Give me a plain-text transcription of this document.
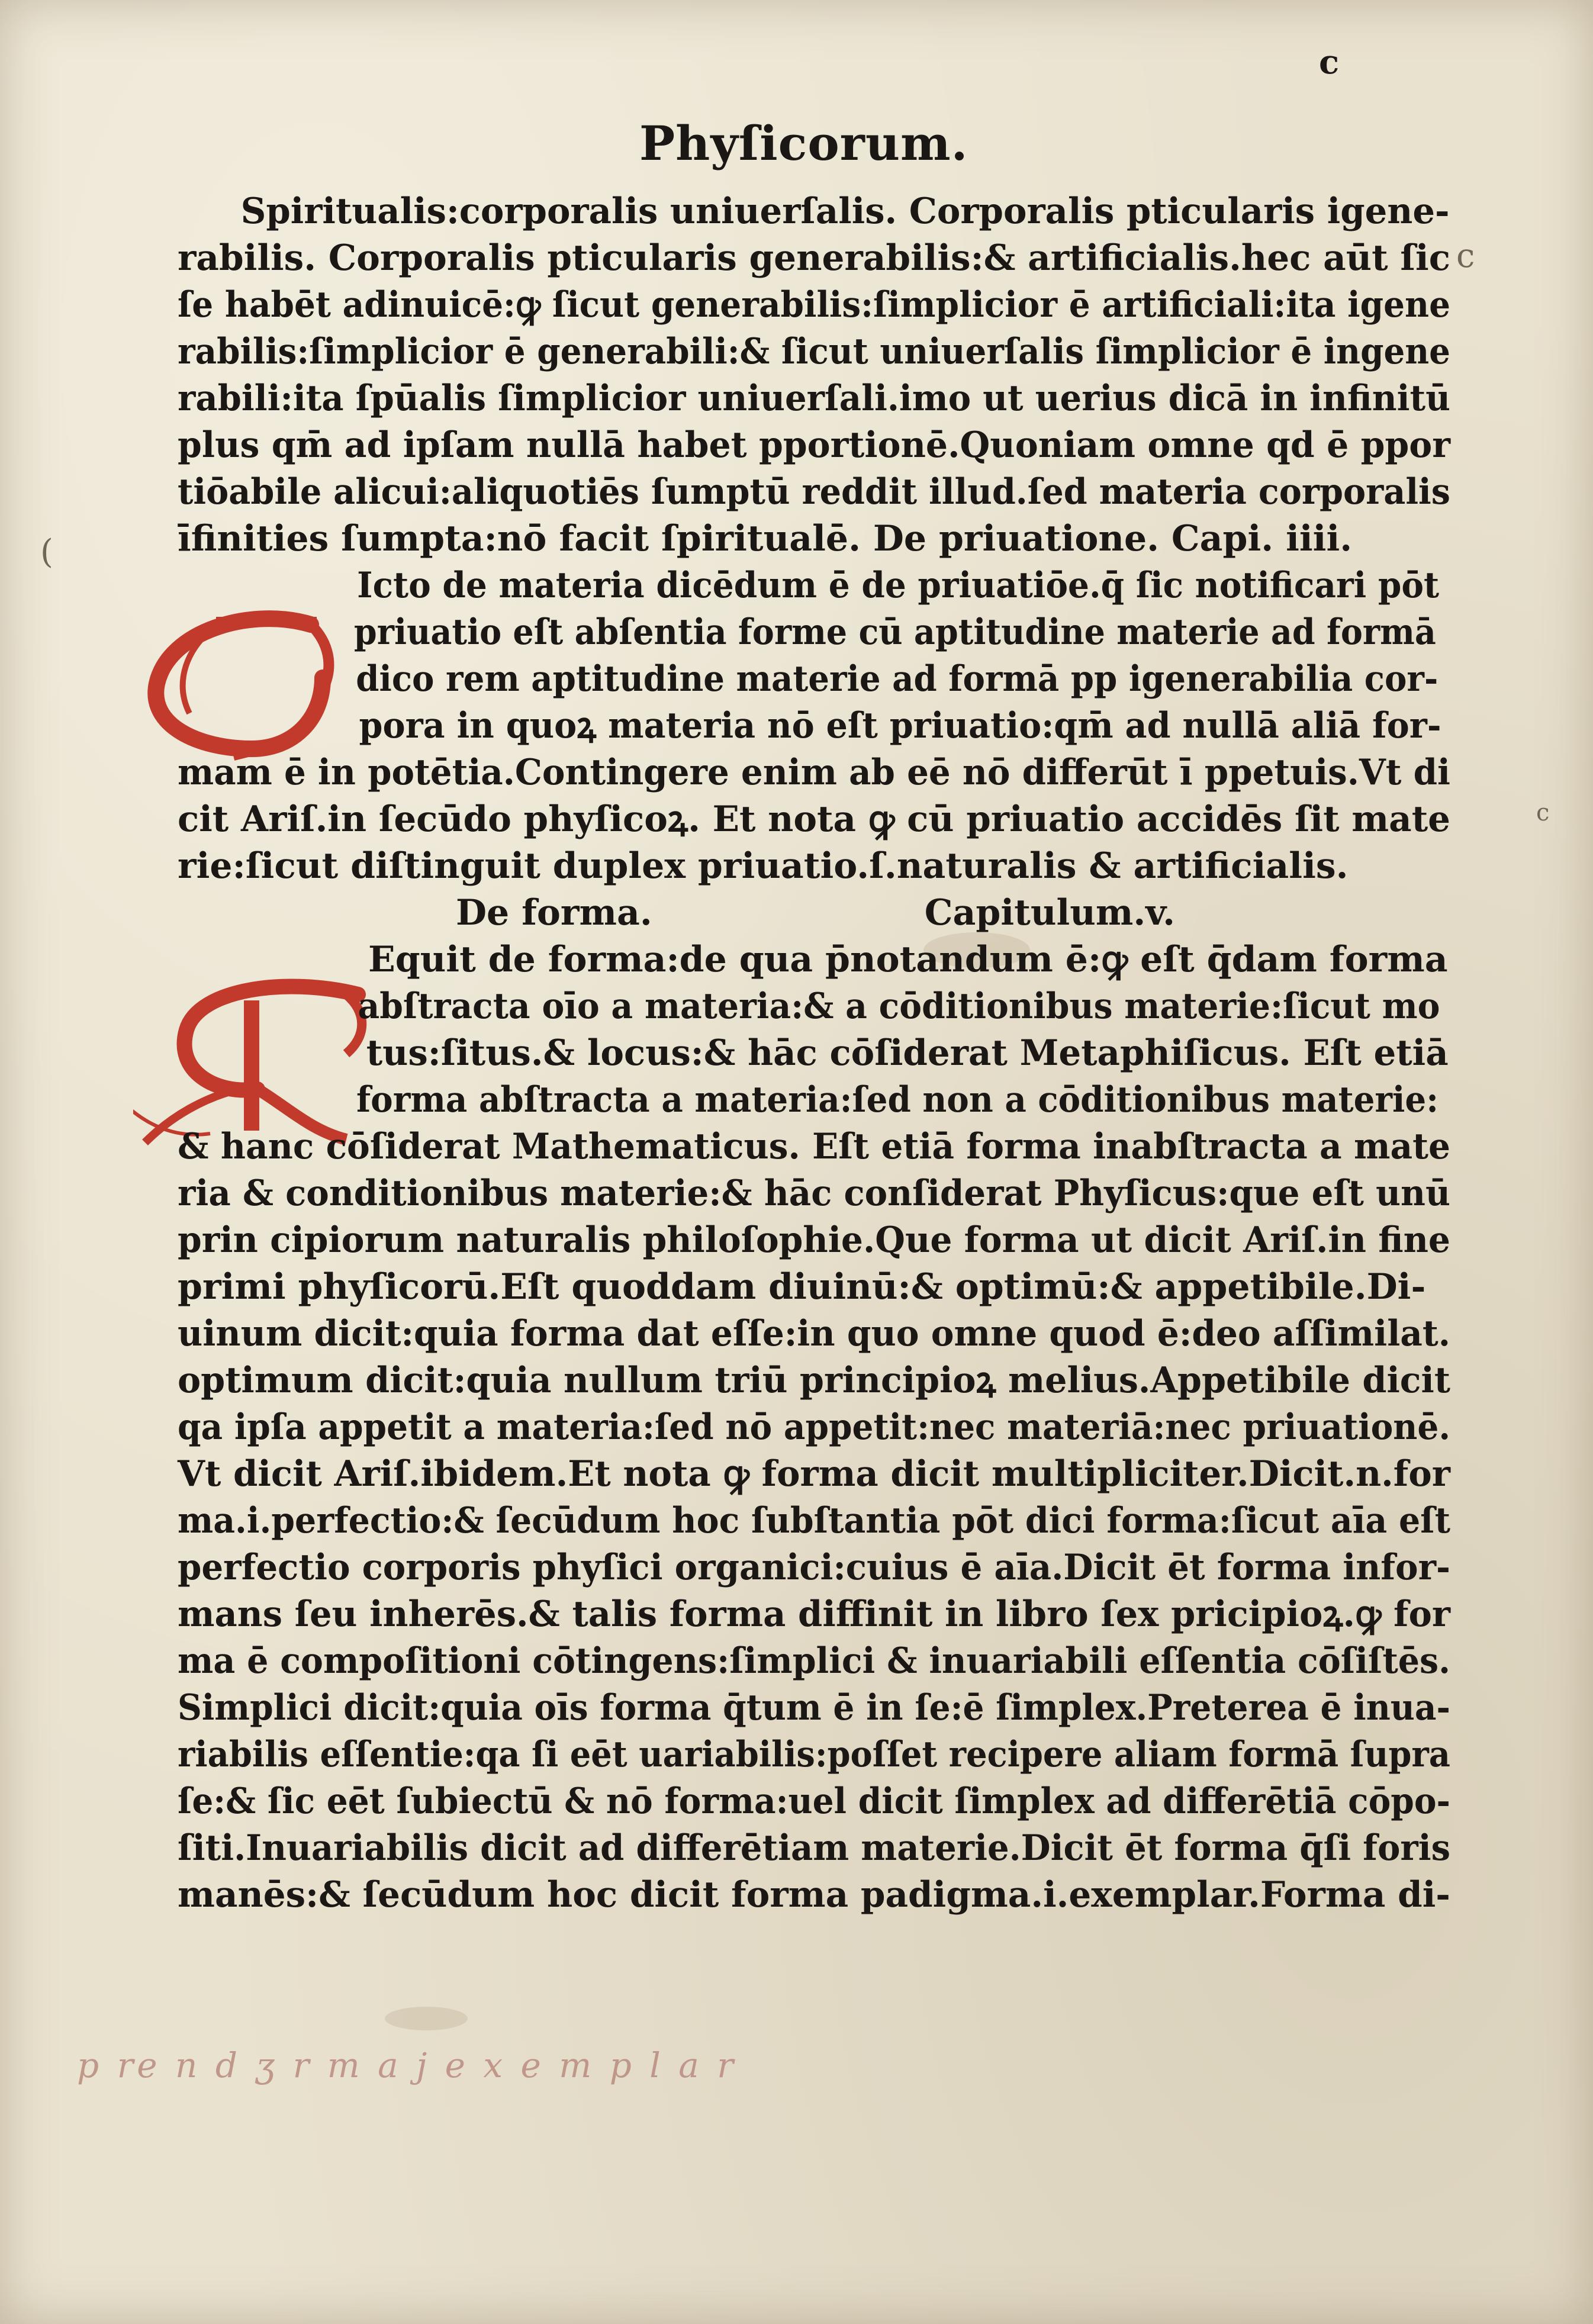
c
Phyſicorum.
c
c
(
Spiritualis:corporalis uniuerſalis. Corporalis pticularis igene-
rabilis. Corporalis pticularis generabilis:& artificialis.hec aūt ſic
ſe habēt adinuicē:ꝙ ſicut generabilis:ſimplicior ē artificiali:ita igene
rabilis:ſimplicior ē generabili:& ſicut uniuerſalis ſimplicior ē ingene
rabili:ita ſpūalis ſimplicior uniuerſali.imo ut uerius dicā in infinitū
plus qm̄ ad ipſam nullā habet pportionē.Quoniam omne qd ē ppor
tiōabile alicui:aliquotiēs ſumptū reddit illud.ſed materia corporalis
īfinities ſumpta:nō facit ſpiritualē. De priuatione. Capi. iiii.
Icto de materia dicēdum ē de priuatiōe.q̄ ſic notificari pōt
priuatio eſt abſentia forme cū aptitudine materie ad formā
dico rem aptitudine materie ad formā pp igenerabilia cor-
pora in quoꝝ materia nō eſt priuatio:qm̄ ad nullā aliā for-
mam ē in potētia.Contingere enim ab eē nō differūt ī ppetuis.Vt di
cit Ariſ.in ſecūdo phyſicoꝝ. Et nota ꝙ cū priuatio accidēs ſit mate
rie:ſicut diſtinguit duplex priuatio.ſ.naturalis & artificialis.
De forma.	Capitulum.v.
Equit de forma:de qua p̄notandum ē:ꝙ eſt q̄dam forma
abſtracta oīo a materia:& a cōditionibus materie:ſicut mo
tus:ſitus.& locus:& hāc cōſiderat Metaphiſicus. Eſt etiā
forma abſtracta a materia:ſed non a cōditionibus materie:
& hanc cōſiderat Mathematicus. Eſt etiā forma inabſtracta a mate
ria & conditionibus materie:& hāc conſiderat Phyſicus:que eſt unū
prin cipiorum naturalis philoſophie.Que forma ut dicit Ariſ.in fine
primi phyſicorū.Eſt quoddam diuinū:& optimū:& appetibile.Di-
uinum dicit:quia forma dat eſſe:in quo omne quod ē:deo aſſimilat.
optimum dicit:quia nullum triū principioꝝ melius.Appetibile dicit
qa ipſa appetit a materia:ſed nō appetit:nec materiā:nec priuationē.
Vt dicit Ariſ.ibidem.Et nota ꝙ forma dicit multipliciter.Dicit.n.for
ma.i.perfectio:& ſecūdum hoc ſubſtantia pōt dici forma:ſicut aīa eſt
perfectio corporis phyſici organici:cuius ē aīa.Dicit ēt forma infor-
mans ſeu inherēs.& talis forma diffinit in libro ſex pricipioꝝ.ꝙ for
ma ē compoſitioni cōtingens:ſimplici & inuariabili eſſentia cōſiſtēs.
Simplici dicit:quia oīs forma q̄tum ē in ſe:ē ſimplex.Preterea ē inua-
riabilis eſſentie:qa ſi eēt uariabilis:poſſet recipere aliam formā ſupra
ſe:& ſic eēt ſubiectū & nō forma:uel dicit ſimplex ad differētiā cōpo-
ſiti.Inuariabilis dicit ad differētiam materie.Dicit ēt forma q̄ſi foris
manēs:& ſecūdum hoc dicit forma padigma.i.exemplar.Forma di-
p re n d ʒ r m a j e x e m p l a r
